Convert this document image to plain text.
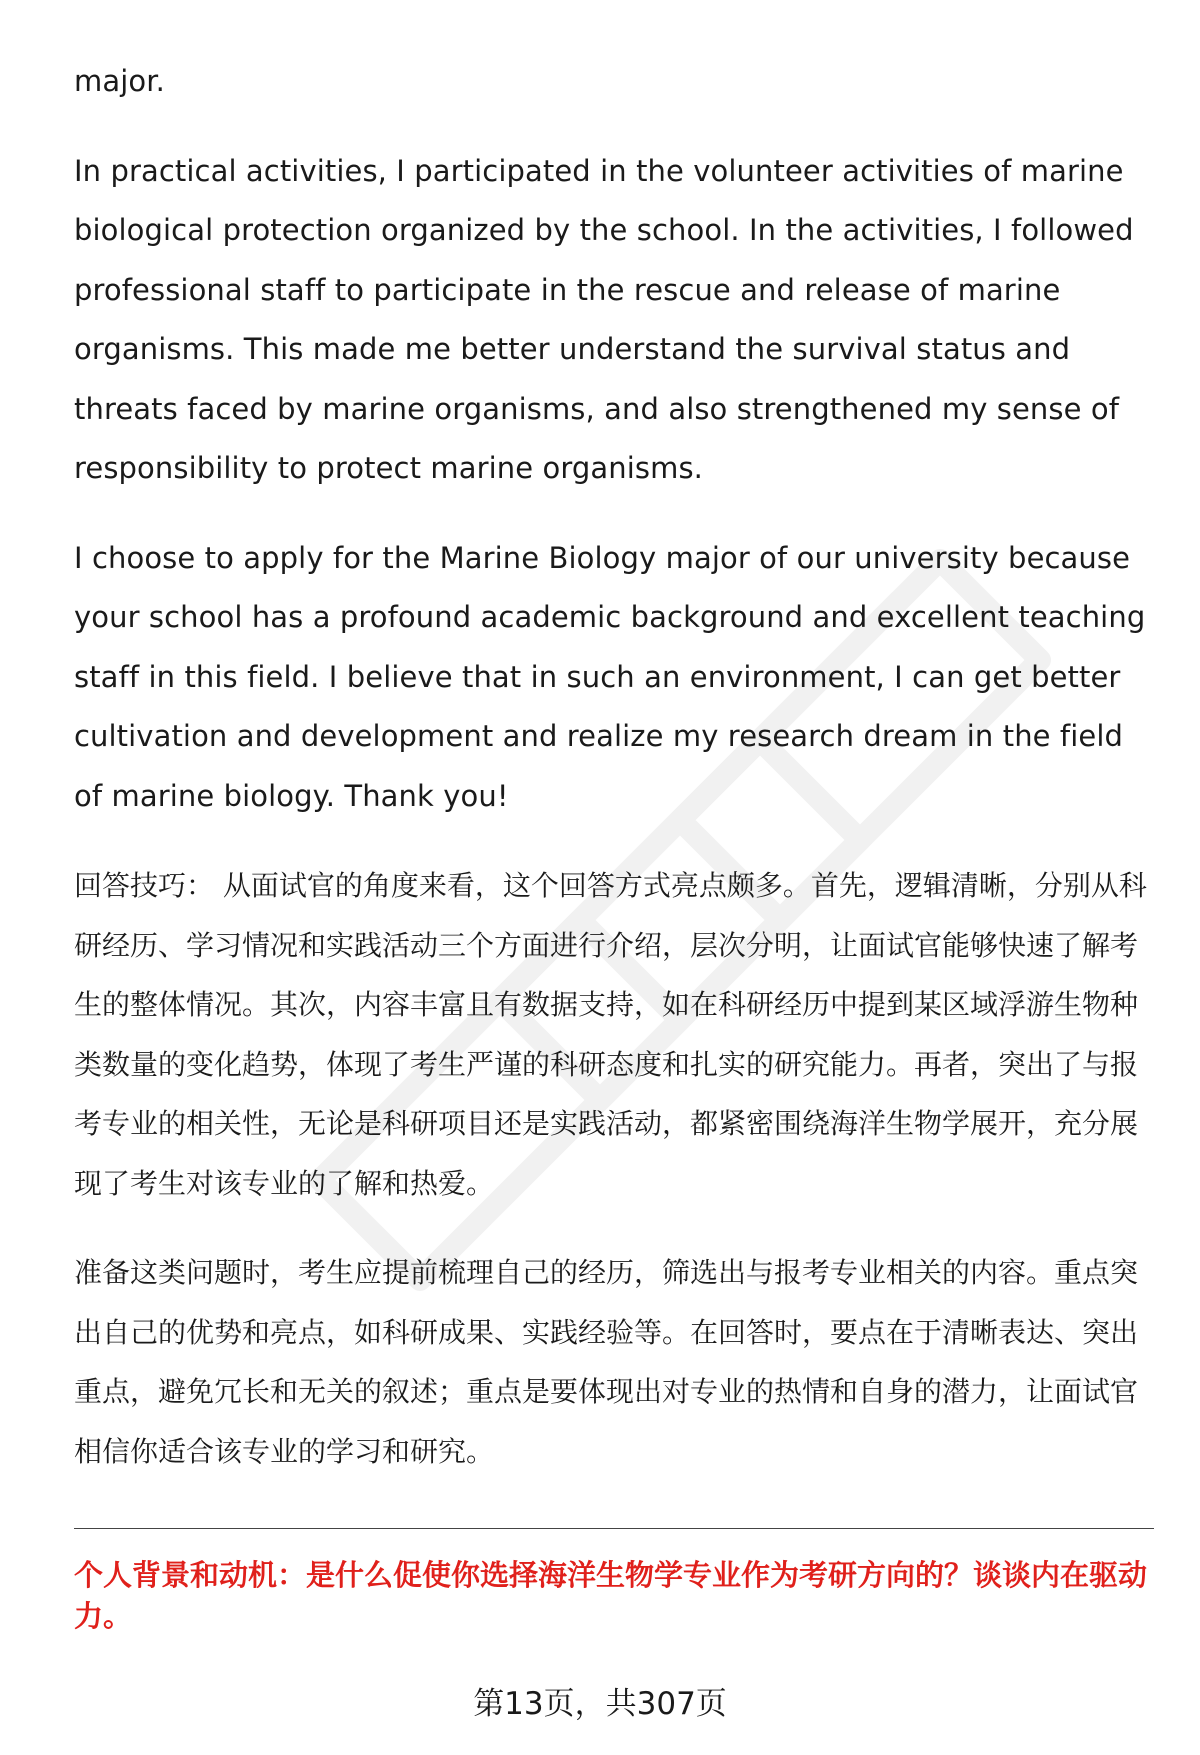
major.

In practical activities, I participated in the volunteer activities of marine biological protection organized by the school. In the activities, I followed professional staff to participate in the rescue and release of marine organisms. This made me better understand the survival status and threats faced by marine organisms, and also strengthened my sense of responsibility to protect marine organisms.

I choose to apply for the Marine Biology major of our university because your school has a profound academic background and excellent teaching staff in this field. I believe that in such an environment, I can get better cultivation and development and realize my research dream in the field of marine biology. Thank you!

回答技巧： 从面试官的角度来看，这个回答方式亮点颇多。首先，逻辑清晰，分别从科研经历、学习情况和实践活动三个方面进行介绍，层次分明，让面试官能够快速了解考生的整体情况。其次，内容丰富且有数据支持，如在科研经历中提到某区域浮游生物种类数量的变化趋势，体现了考生严谨的科研态度和扎实的研究能力。再者，突出了与报考专业的相关性，无论是科研项目还是实践活动，都紧密围绕海洋生物学展开，充分展现了考生对该专业的了解和热爱。

准备这类问题时，考生应提前梳理自己的经历，筛选出与报考专业相关的内容。重点突出自己的优势和亮点，如科研成果、实践经验等。在回答时，要点在于清晰表达、突出重点，避免冗长和无关的叙述；重点是要体现出对专业的热情和自身的潜力，让面试官相信你适合该专业的学习和研究。

个人背景和动机：是什么促使你选择海洋生物学专业作为考研方向的？谈谈内在驱动力。
第13页，共307页
